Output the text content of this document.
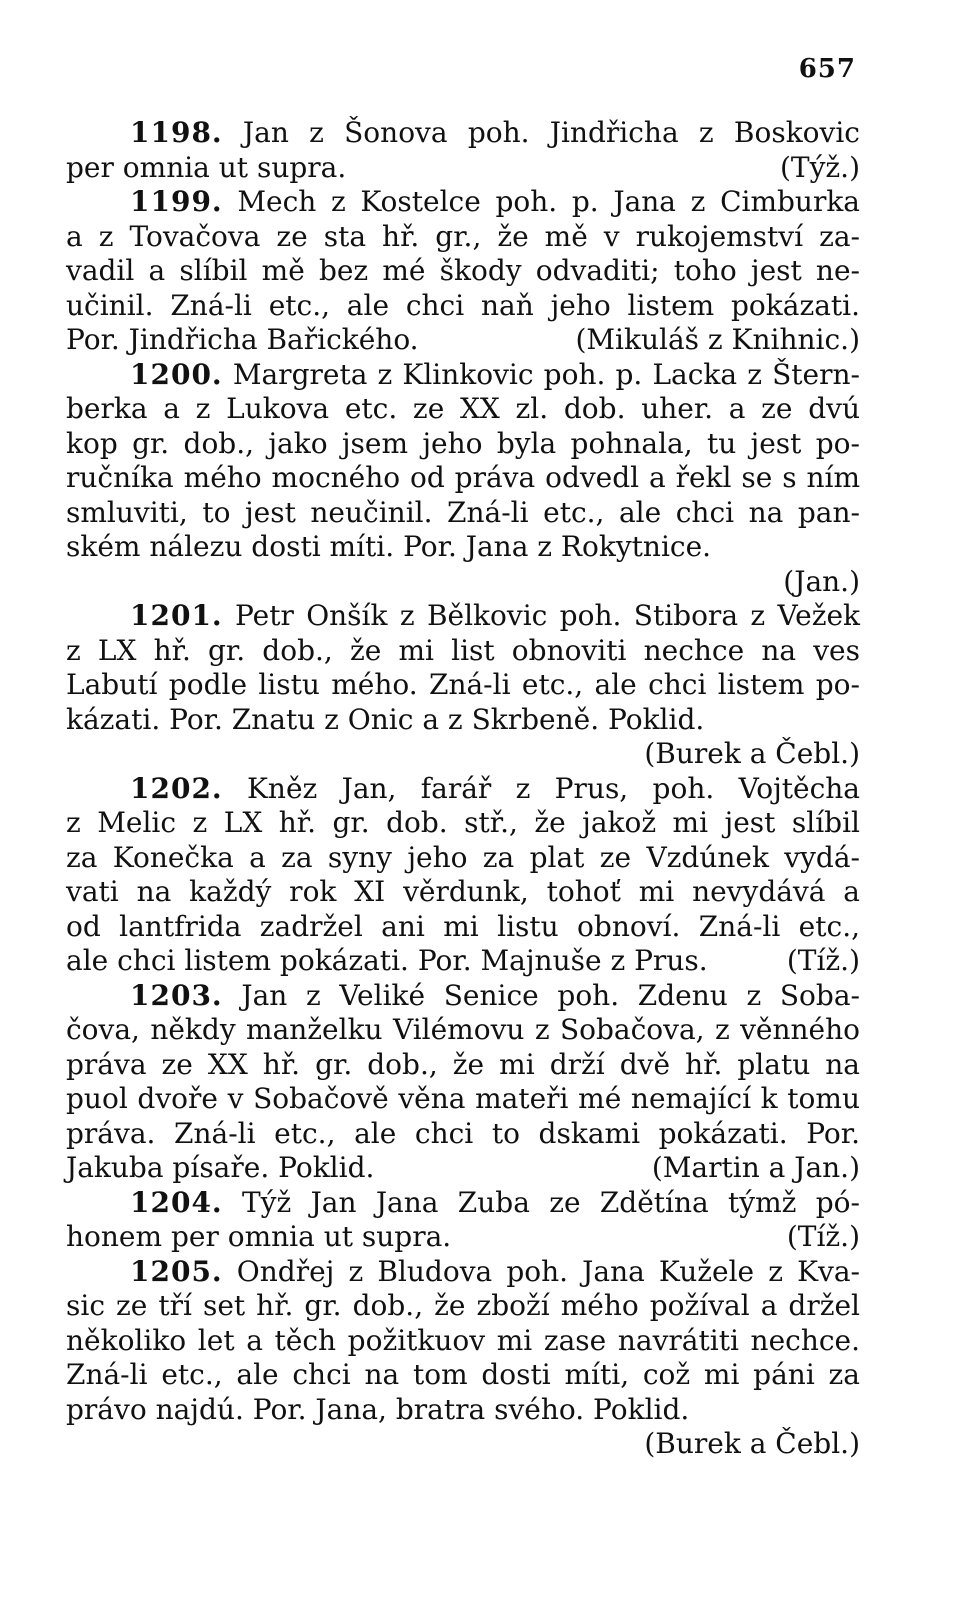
657
1198. Jan z Šonova poh. Jindřicha z Boskovic
per omnia ut supra.	(Týž.)
1199. Mech z Kostelce poh. p. Jana z Cimburka
a z Tovačova ze sta hř. gr., že mě v rukojemství za-
vadil a slíbil mě bez mé škody odvaditi; toho jest ne-
učinil. Zná-li etc., ale chci naň jeho listem pokázati.
Por. Jindřicha Bařického.	(Mikuláš z Knihnic.)
1200. Margreta z Klinkovic poh. p. Lacka z Štern-
berka a z Lukova etc. ze XX zl. dob. uher. a ze dvú
kop gr. dob., jako jsem jeho byla pohnala, tu jest po-
ručníka mého mocného od práva odvedl a řekl se s ním
smluviti, to jest neučinil. Zná-li etc., ale chci na pan-
ském nálezu dosti míti. Por. Jana z Rokytnice.
(Jan.)
1201. Petr Onšík z Bělkovic poh. Stibora z Vežek
z LX hř. gr. dob., že mi list obnoviti nechce na ves
Labutí podle listu mého. Zná-li etc., ale chci listem po-
kázati. Por. Znatu z Onic a z Skrbeně. Poklid.
(Burek a Čebl.)
1202. Kněz Jan, farář z Prus, poh. Vojtěcha
z Melic z LX hř. gr. dob. stř., že jakož mi jest slíbil
za Konečka a za syny jeho za plat ze Vzdúnek vydá-
vati na každý rok XI věrdunk, tohoť mi nevydává a
od lantfrida zadržel ani mi listu obnoví. Zná-li etc.,
ale chci listem pokázati. Por. Majnuše z Prus.	(Tíž.)
1203. Jan z Veliké Senice poh. Zdenu z Soba-
čova, někdy manželku Vilémovu z Sobačova, z věnného
práva ze XX hř. gr. dob., že mi drží dvě hř. platu na
puol dvoře v Sobačově věna mateři mé nemající k tomu
práva. Zná-li etc., ale chci to dskami pokázati. Por.
Jakuba písaře. Poklid.	(Martin a Jan.)
1204. Týž Jan Jana Zuba ze Zdětína týmž pó-
honem per omnia ut supra.	(Tíž.)
1205. Ondřej z Bludova poh. Jana Kužele z Kva-
sic ze tří set hř. gr. dob., že zboží mého požíval a držel
několiko let a těch požitkuov mi zase navrátiti nechce.
Zná-li etc., ale chci na tom dosti míti, což mi páni za
právo najdú. Por. Jana, bratra svého. Poklid.
(Burek a Čebl.)
